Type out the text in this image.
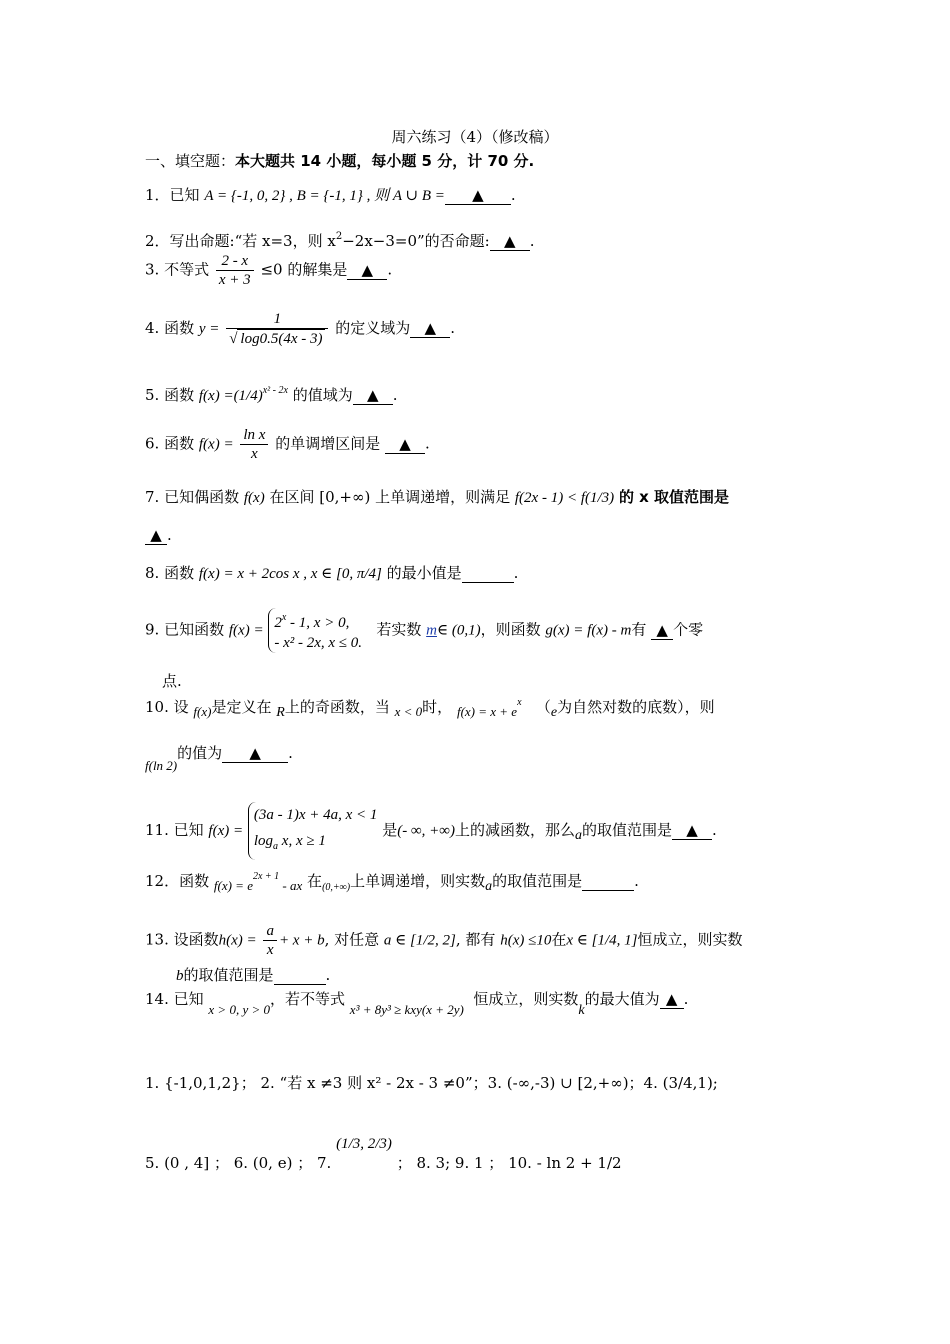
周六练习（4）（修改稿）
一、填空题：本大题共 14 小题，每小题 5 分，计 70 分.
1．已知 A = {-1, 0, 2} , B = {-1, 1} , 则 A ∪ B = ▲ .
2．写出命题:“若 x=3，则 $x^2-2x-3=0$”的否命题: ▲ .
3. 不等式 $\frac{2 - x}{x + 3} \le 0$ 的解集是 ▲ .
4. 函数 $y = \frac{1}{√ \log 0.5(4x - 3)}$ 的定义域为 ▲ .
5. 函数 $f(x) =(1/4)^{x^2 - 2x}$ 的值域为 ▲ .
6. 函数 $f(x) = \frac{\text{ln x}}{x}$ 的单调增区间是 ▲ .
7. 已知偶函数 f(x) 在区间 [0,+∞) 上单调递增，则满足 f(2x - 1) < f(1/3) 的 x 取值范围是
▲ .
8. 函数 f(x) = x + 2cos x , x ∈ [0, π/4] 的最小值是	.
9. 已知函数 $f(x) = 2^x - 1$, x > 0,
- x² - 2x, x ≤ 0.   若实数 m∈ (0,1)，则函数 g(x) = f(x) - m有 ▲ 个零
点.
10. 设 f(x)是定义在 R上的奇函数，当 x < 0时， $f(x) = x + e^x$ （e为自然对数的底数），则
f(ln 2)的值为 ▲ .
11. 已知 f(x) = (3a - 1)x + 4a, x < 1
$\log_a x$, x ≥ 1 是(- ∞, +∞)上的减函数，那么a的取值范围是 ▲ .
12．函数 $f(x) = e^{2x + 1}$ - ax 在$_{(0,+\infty)}$上单调递增，则实数a的取值范围是	.
13. 设函数$h(x) = \frac{a}{x} + x + b$, 对任意 a ∈ [1/2, 2], 都有 h(x) ≤10在x ∈ [1/4, 1]恒成立，则实数
b的取值范围是	.
14. 已知 x > 0, y > 0，若不等式 x³ + 8y³ ≥ kxy(x + 2y)  恒成立，则实数k的最大值为 ▲ .
1. {-1,0,1,2}； 2. “若 x ≠3 则 x² - 2x - 3 ≠0”；3. (-∞,-3) ∪ [2,+∞)；4. (3/4,1);
5. (0 , 4] ； 6. (0, e) ； 7. (1/3, 2/3) ； 8. 3; 9. 1 ； 10. - ln 2 + 1/2
